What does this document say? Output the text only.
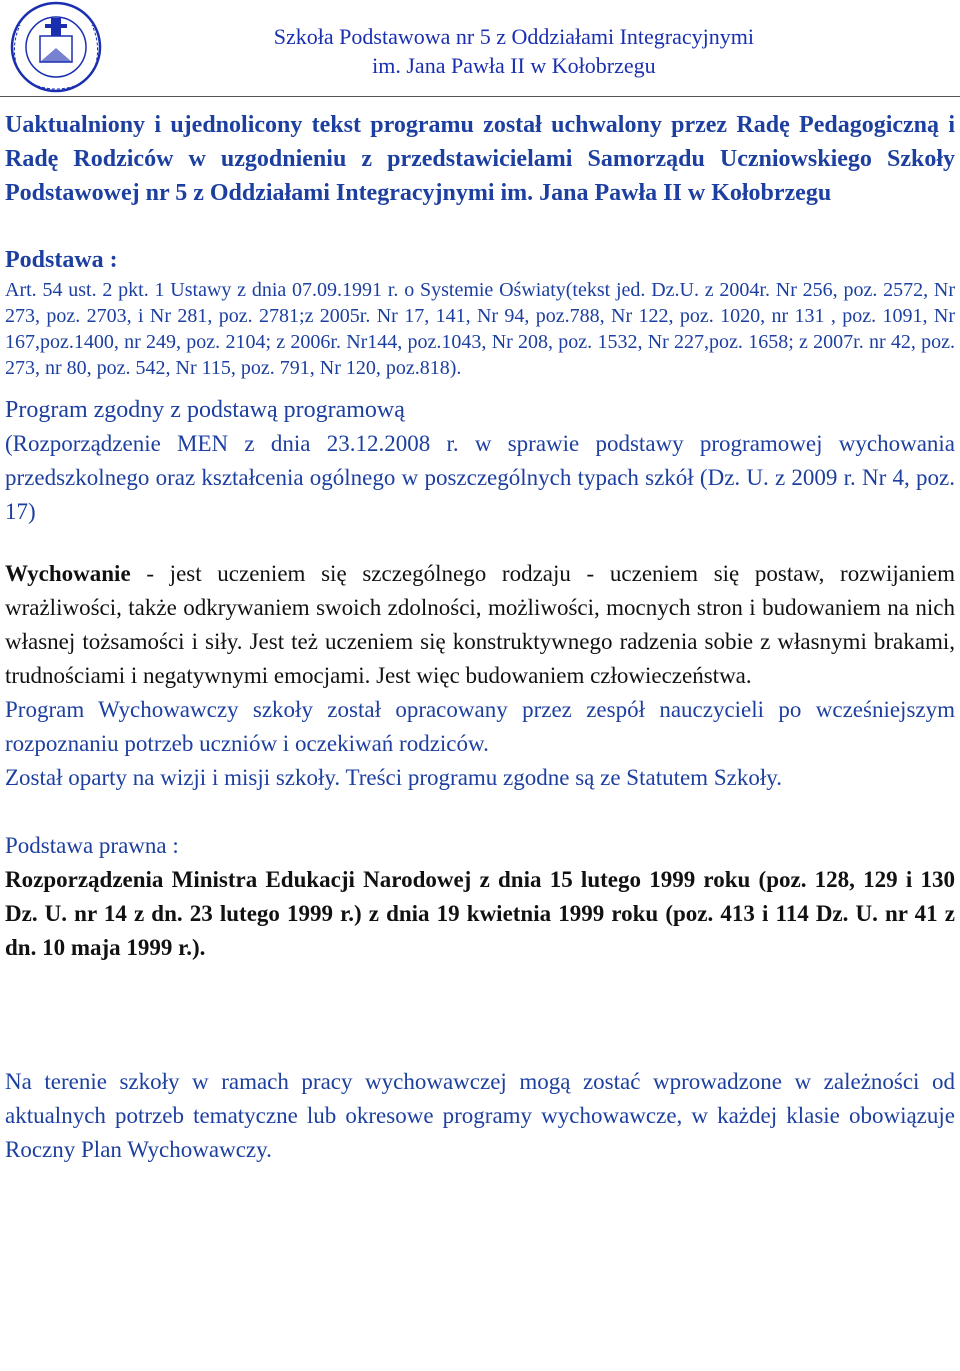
Szkoła Podstawowa nr 5 z Oddziałami Integracyjnymi
im. Jana Pawła II w Kołobrzegu

Uaktualniony i ujednolicony tekst programu został uchwalony przez Radę Pedagogiczną i Radę Rodziców w uzgodnieniu z przedstawicielami Samorządu Uczniowskiego Szkoły Podstawowej nr 5 z Oddziałami Integracyjnymi im. Jana Pawła II w Kołobrzegu

Podstawa :

Art. 54 ust. 2 pkt. 1 Ustawy z dnia 07.09.1991 r. o Systemie Oświaty(tekst jed. Dz.U. z 2004r. Nr 256, poz. 2572, Nr 273, poz. 2703, i Nr 281, poz. 2781;z 2005r. Nr 17, 141, Nr 94, poz.788, Nr 122, poz. 1020, nr 131 , poz. 1091, Nr 167,poz.1400, nr 249, poz. 2104; z 2006r. Nr144, poz.1043, Nr 208, poz. 1532, Nr 227,poz. 1658; z 2007r. nr 42, poz. 273, nr 80, poz. 542, Nr 115, poz. 791, Nr 120, poz.818).

Program zgodny z podstawą programową

(Rozporządzenie MEN z dnia 23.12.2008 r. w sprawie podstawy programowej wychowania przedszkolnego oraz kształcenia ogólnego w poszczególnych typach szkół (Dz. U. z 2009 r. Nr 4, poz. 17)

Wychowanie - jest uczeniem się szczególnego rodzaju - uczeniem się postaw, rozwijaniem wrażliwości, także odkrywaniem swoich zdolności, możliwości, mocnych stron i budowaniem na nich własnej tożsamości i siły. Jest też uczeniem się konstruktywnego radzenia sobie z własnymi brakami, trudnościami i negatywnymi emocjami. Jest więc budowaniem człowieczeństwa.

Program Wychowawczy szkoły został opracowany przez zespół nauczycieli po wcześniejszym rozpoznaniu potrzeb uczniów i oczekiwań rodziców.

Został oparty na wizji i misji szkoły. Treści programu zgodne są ze Statutem Szkoły.

Podstawa prawna :

Rozporządzenia Ministra Edukacji Narodowej z dnia 15 lutego 1999 roku (poz. 128, 129 i 130 Dz. U. nr 14 z dn. 23 lutego 1999 r.) z dnia 19 kwietnia 1999 roku (poz. 413 i 114 Dz. U. nr 41 z dn. 10 maja 1999 r.).

Na terenie szkoły w ramach pracy wychowawczej mogą zostać wprowadzone w zależności od aktualnych potrzeb tematyczne lub okresowe programy wychowawcze, w każdej klasie obowiązuje Roczny Plan Wychowawczy.
